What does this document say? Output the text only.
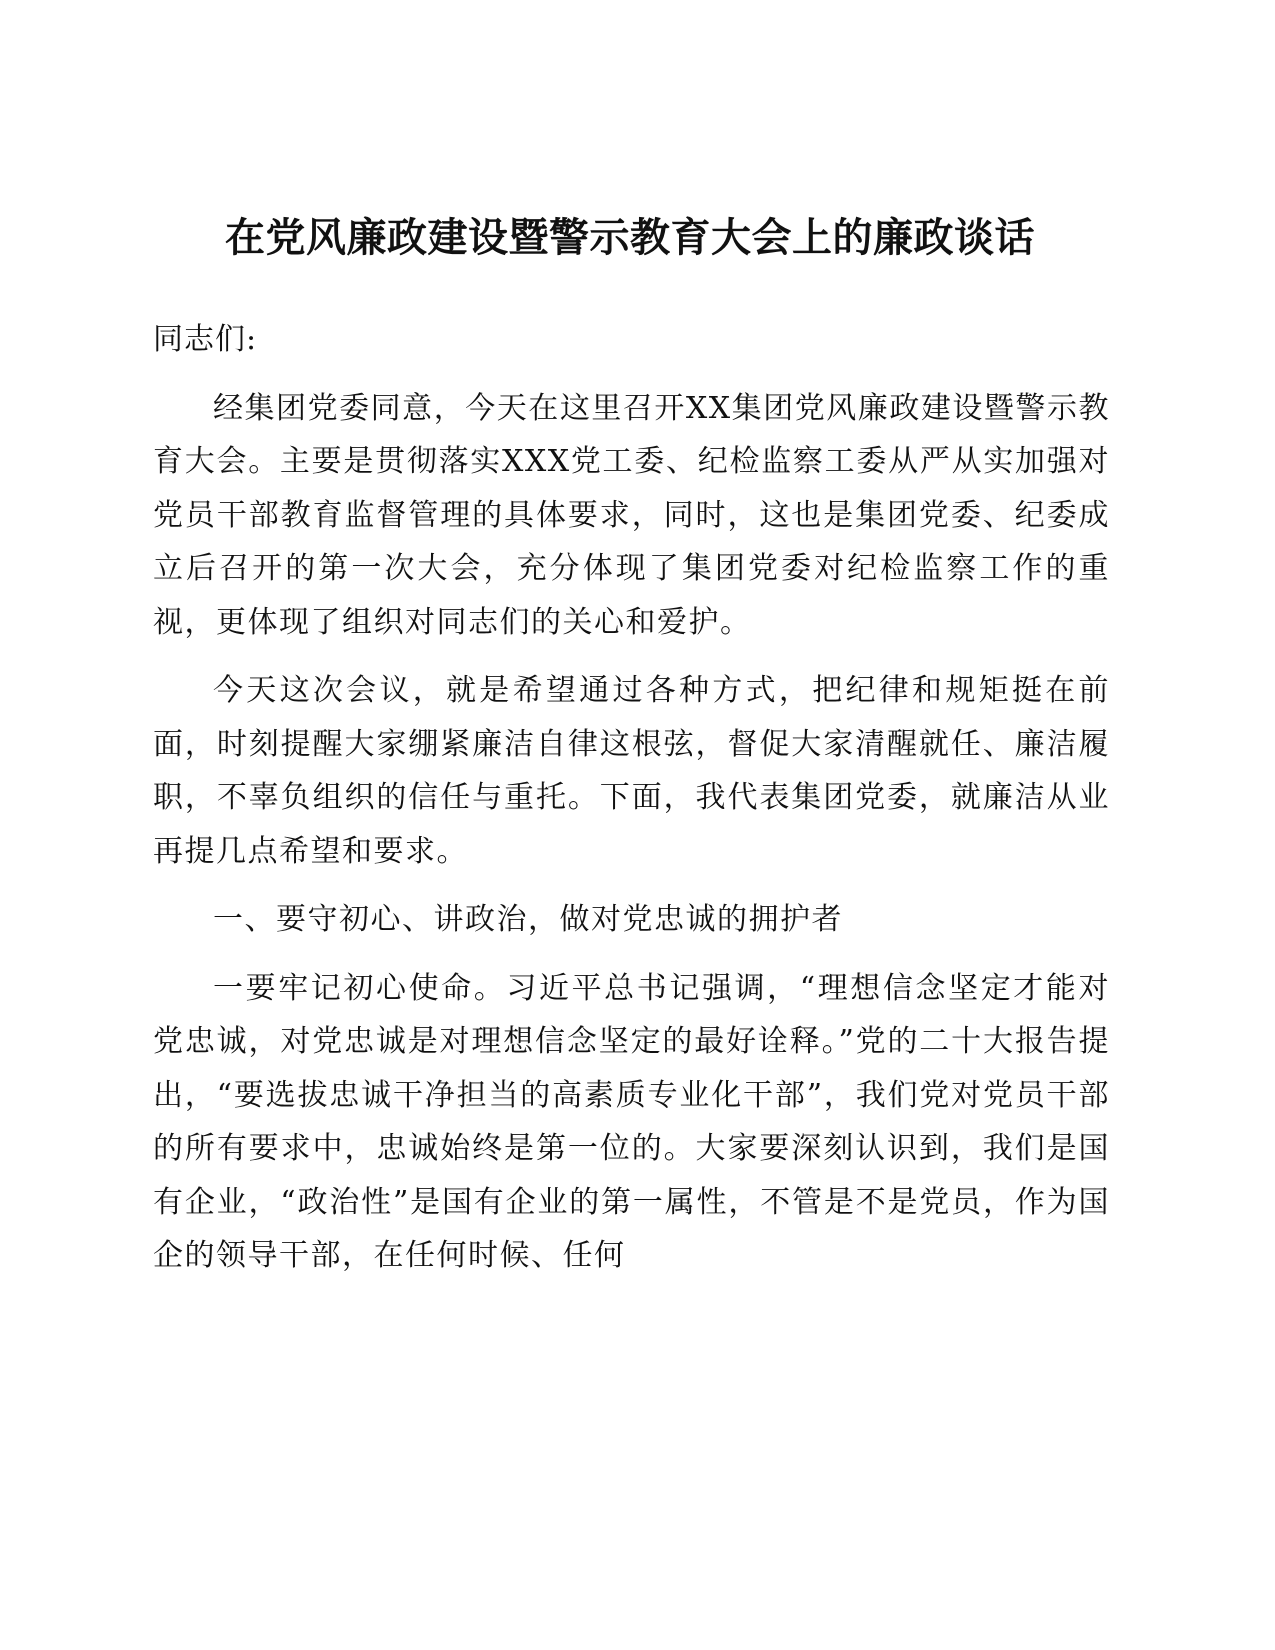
在党风廉政建设暨警示教育大会上的廉政谈话

同志们:

经集团党委同意，今天在这里召开XX集团党风廉政建设暨警示教育大会。主要是贯彻落实XXX党工委、纪检监察工委从严从实加强对党员干部教育监督管理的具体要求，同时，这也是集团党委、纪委成立后召开的第一次大会，充分体现了集团党委对纪检监察工作的重视，更体现了组织对同志们的关心和爱护。

今天这次会议，就是希望通过各种方式，把纪律和规矩挺在前面，时刻提醒大家绷紧廉洁自律这根弦，督促大家清醒就任、廉洁履职，不辜负组织的信任与重托。下面，我代表集团党委，就廉洁从业再提几点希望和要求。

一、要守初心、讲政治，做对党忠诚的拥护者

一要牢记初心使命。习近平总书记强调，“理想信念坚定才能对党忠诚，对党忠诚是对理想信念坚定的最好诠释。”党的二十大报告提出，“要选拔忠诚干净担当的高素质专业化干部”，我们党对党员干部的所有要求中，忠诚始终是第一位的。大家要深刻认识到，我们是国有企业，“政治性”是国有企业的第一属性，不管是不是党员，作为国企的领导干部，在任何时候、任何
